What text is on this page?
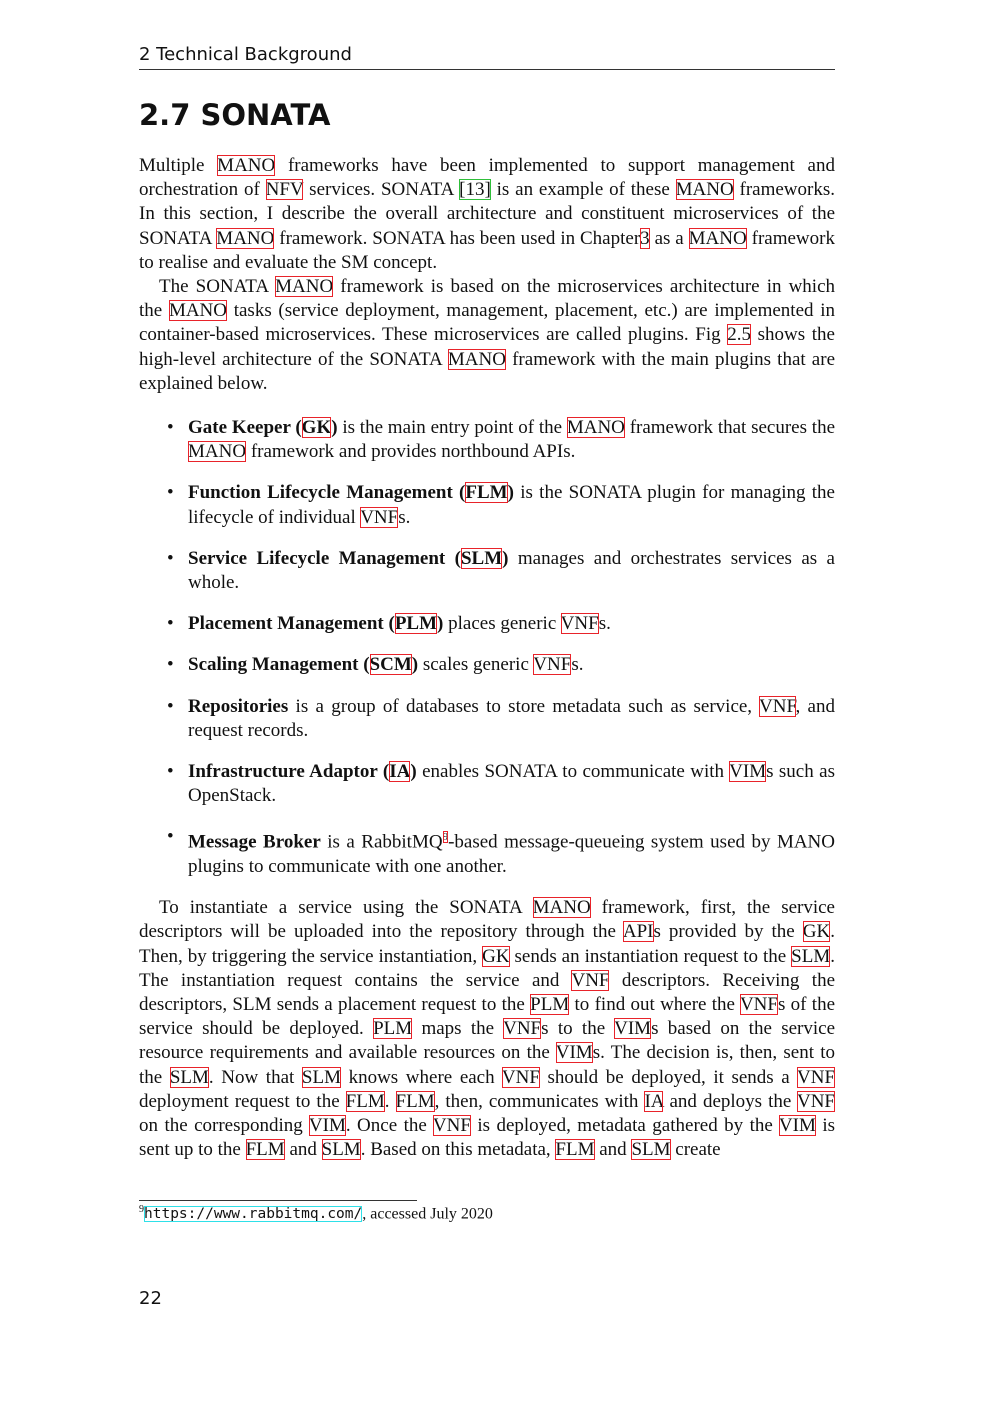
2 Technical Background
2.7 SONATA

Multiple MANO frameworks have been implemented to support management and orchestration of NFV services. SONATA [13] is an example of these MANO frameworks. In this section, I describe the overall architecture and constituent microservices of the SONATA MANO framework. SONATA has been used in Chapter3 as a MANO framework to realise and evaluate the SM concept.

The SONATA MANO framework is based on the microservices architecture in which the MANO tasks (service deployment, management, placement, etc.) are implemented in container-based microservices. These microservices are called plugins. Fig 2.5 shows the high-level architecture of the SONATA MANO framework with the main plugins that are explained below.

• Gate Keeper (GK) is the main entry point of the MANO framework that secures the MANO framework and provides northbound APIs.
• Function Lifecycle Management (FLM) is the SONATA plugin for managing the lifecycle of individual VNFs.
• Service Lifecycle Management (SLM) manages and orchestrates services as a whole.
• Placement Management (PLM) places generic VNFs.
• Scaling Management (SCM) scales generic VNFs.
• Repositories is a group of databases to store metadata such as service, VNF, and request records.
• Infrastructure Adaptor (IA) enables SONATA to communicate with VIMs such as OpenStack.
• Message Broker is a RabbitMQ$^9$-based message-queueing system used by MANO plugins to communicate with one another.

To instantiate a service using the SONATA MANO framework, first, the service descriptors will be uploaded into the repository through the APIs provided by the GK. Then, by triggering the service instantiation, GK sends an instantiation request to the SLM. The instantiation request contains the service and VNF descriptors. Receiving the descriptors, SLM sends a placement request to the PLM to find out where the VNFs of the service should be deployed. PLM maps the VNFs to the VIMs based on the service resource requirements and available resources on the VIMs. The decision is, then, sent to the SLM. Now that SLM knows where each VNF should be deployed, it sends a VNF deployment request to the FLM. FLM, then, communicates with IA and deploys the VNF on the corresponding VIM. Once the VNF is deployed, metadata gathered by the VIM is sent up to the FLM and SLM. Based on this metadata, FLM and SLM create

$^9$https://www.rabbitmq.com/, accessed July 2020
22
